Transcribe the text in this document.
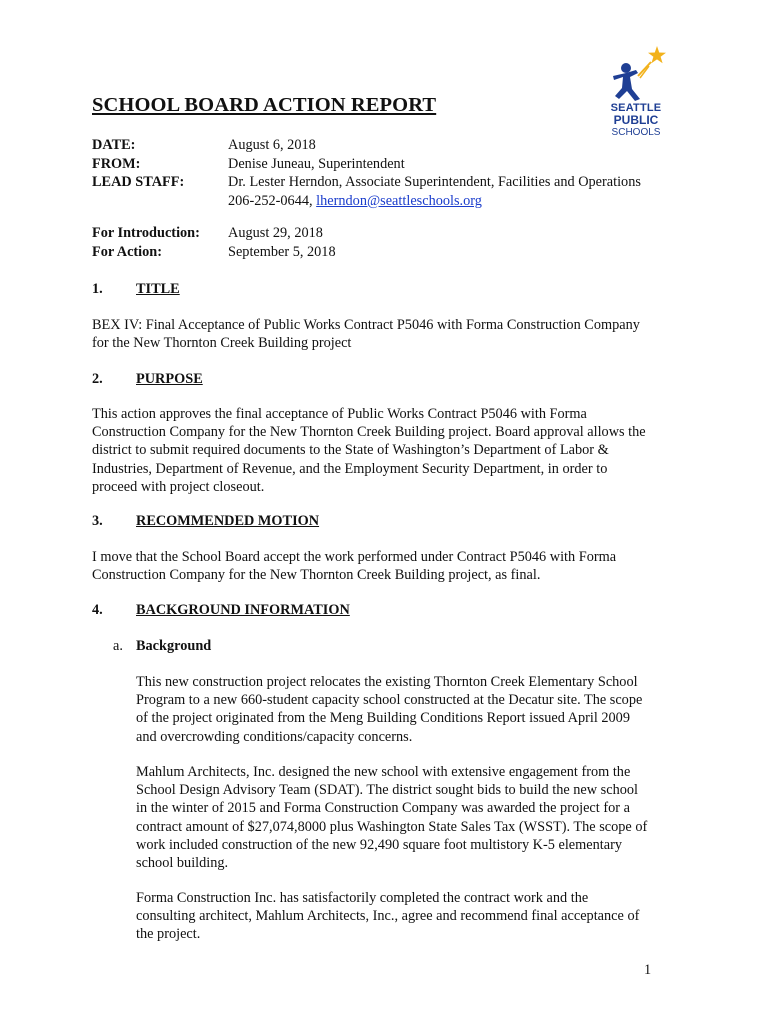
SEATTLE
PUBLIC
SCHOOLS
SCHOOL BOARD ACTION REPORT
DATE:	August 6, 2018
FROM:	Denise Juneau, Superintendent
LEAD STAFF:	Dr. Lester Herndon, Associate Superintendent, Facilities and Operations
206-252-0644, lherndon@seattleschools.org
For Introduction:	August 29, 2018
For Action:	September 5, 2018
1.	TITLE

BEX IV: Final Acceptance of Public Works Contract P5046 with Forma Construction Company
for the New Thornton Creek Building project

2.	PURPOSE

This action approves the final acceptance of Public Works Contract P5046 with Forma
Construction Company for the New Thornton Creek Building project. Board approval allows the
district to submit required documents to the State of Washington’s Department of Labor &
Industries, Department of Revenue, and the Employment Security Department, in order to
proceed with project closeout.

3.	RECOMMENDED MOTION

I move that the School Board accept the work performed under Contract P5046 with Forma
Construction Company for the New Thornton Creek Building project, as final.

4.	BACKGROUND INFORMATION
a. Background

This new construction project relocates the existing Thornton Creek Elementary School
Program to a new 660-student capacity school constructed at the Decatur site. The scope
of the project originated from the Meng Building Conditions Report issued April 2009
and overcrowding conditions/capacity concerns.

Mahlum Architects, Inc. designed the new school with extensive engagement from the
School Design Advisory Team (SDAT). The district sought bids to build the new school
in the winter of 2015 and Forma Construction Company was awarded the project for a
contract amount of $27,074,8000 plus Washington State Sales Tax (WSST). The scope of
work included construction of the new 92,490 square foot multistory K-5 elementary
school building.

Forma Construction Inc. has satisfactorily completed the contract work and the
consulting architect, Mahlum Architects, Inc., agree and recommend final acceptance of
the project.

1
